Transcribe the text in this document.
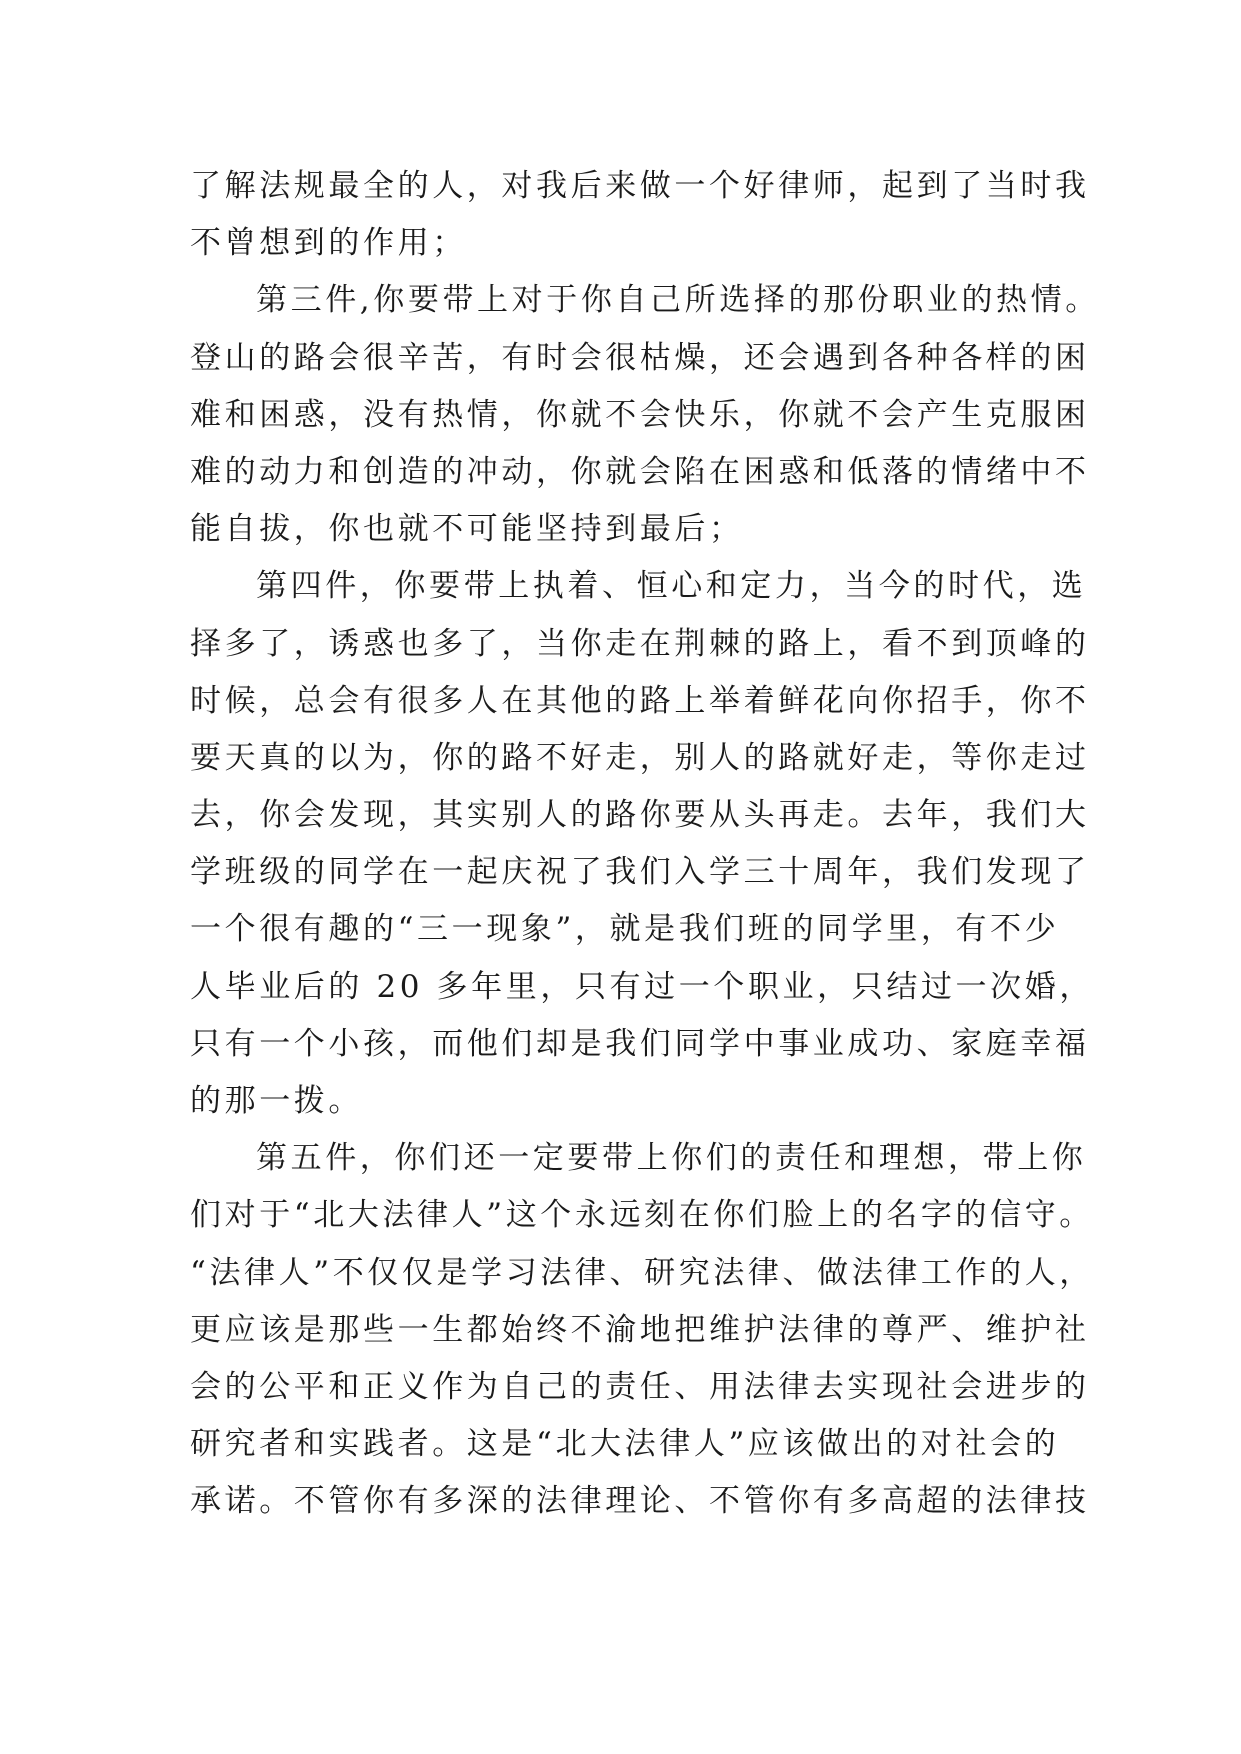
了解法规最全的人，对我后来做一个好律师，起到了当时我
不曾想到的作用；
第三件,你要带上对于你自己所选择的那份职业的热情。
登山的路会很辛苦，有时会很枯燥，还会遇到各种各样的困
难和困惑，没有热情，你就不会快乐，你就不会产生克服困
难的动力和创造的冲动，你就会陷在困惑和低落的情绪中不
能自拔，你也就不可能坚持到最后；
第四件，你要带上执着、恒心和定力，当今的时代，选
择多了，诱惑也多了，当你走在荆棘的路上，看不到顶峰的
时候，总会有很多人在其他的路上举着鲜花向你招手，你不
要天真的以为，你的路不好走，别人的路就好走，等你走过
去，你会发现，其实别人的路你要从头再走。去年，我们大
学班级的同学在一起庆祝了我们入学三十周年，我们发现了
一个很有趣的“三一现象”，就是我们班的同学里，有不少
人毕业后的 20 多年里，只有过一个职业，只结过一次婚，
只有一个小孩，而他们却是我们同学中事业成功、家庭幸福
的那一拨。
第五件，你们还一定要带上你们的责任和理想，带上你
们对于“北大法律人”这个永远刻在你们脸上的名字的信守。
“法律人”不仅仅是学习法律、研究法律、做法律工作的人，
更应该是那些一生都始终不渝地把维护法律的尊严、维护社
会的公平和正义作为自己的责任、用法律去实现社会进步的
研究者和实践者。这是“北大法律人”应该做出的对社会的
承诺。不管你有多深的法律理论、不管你有多高超的法律技
